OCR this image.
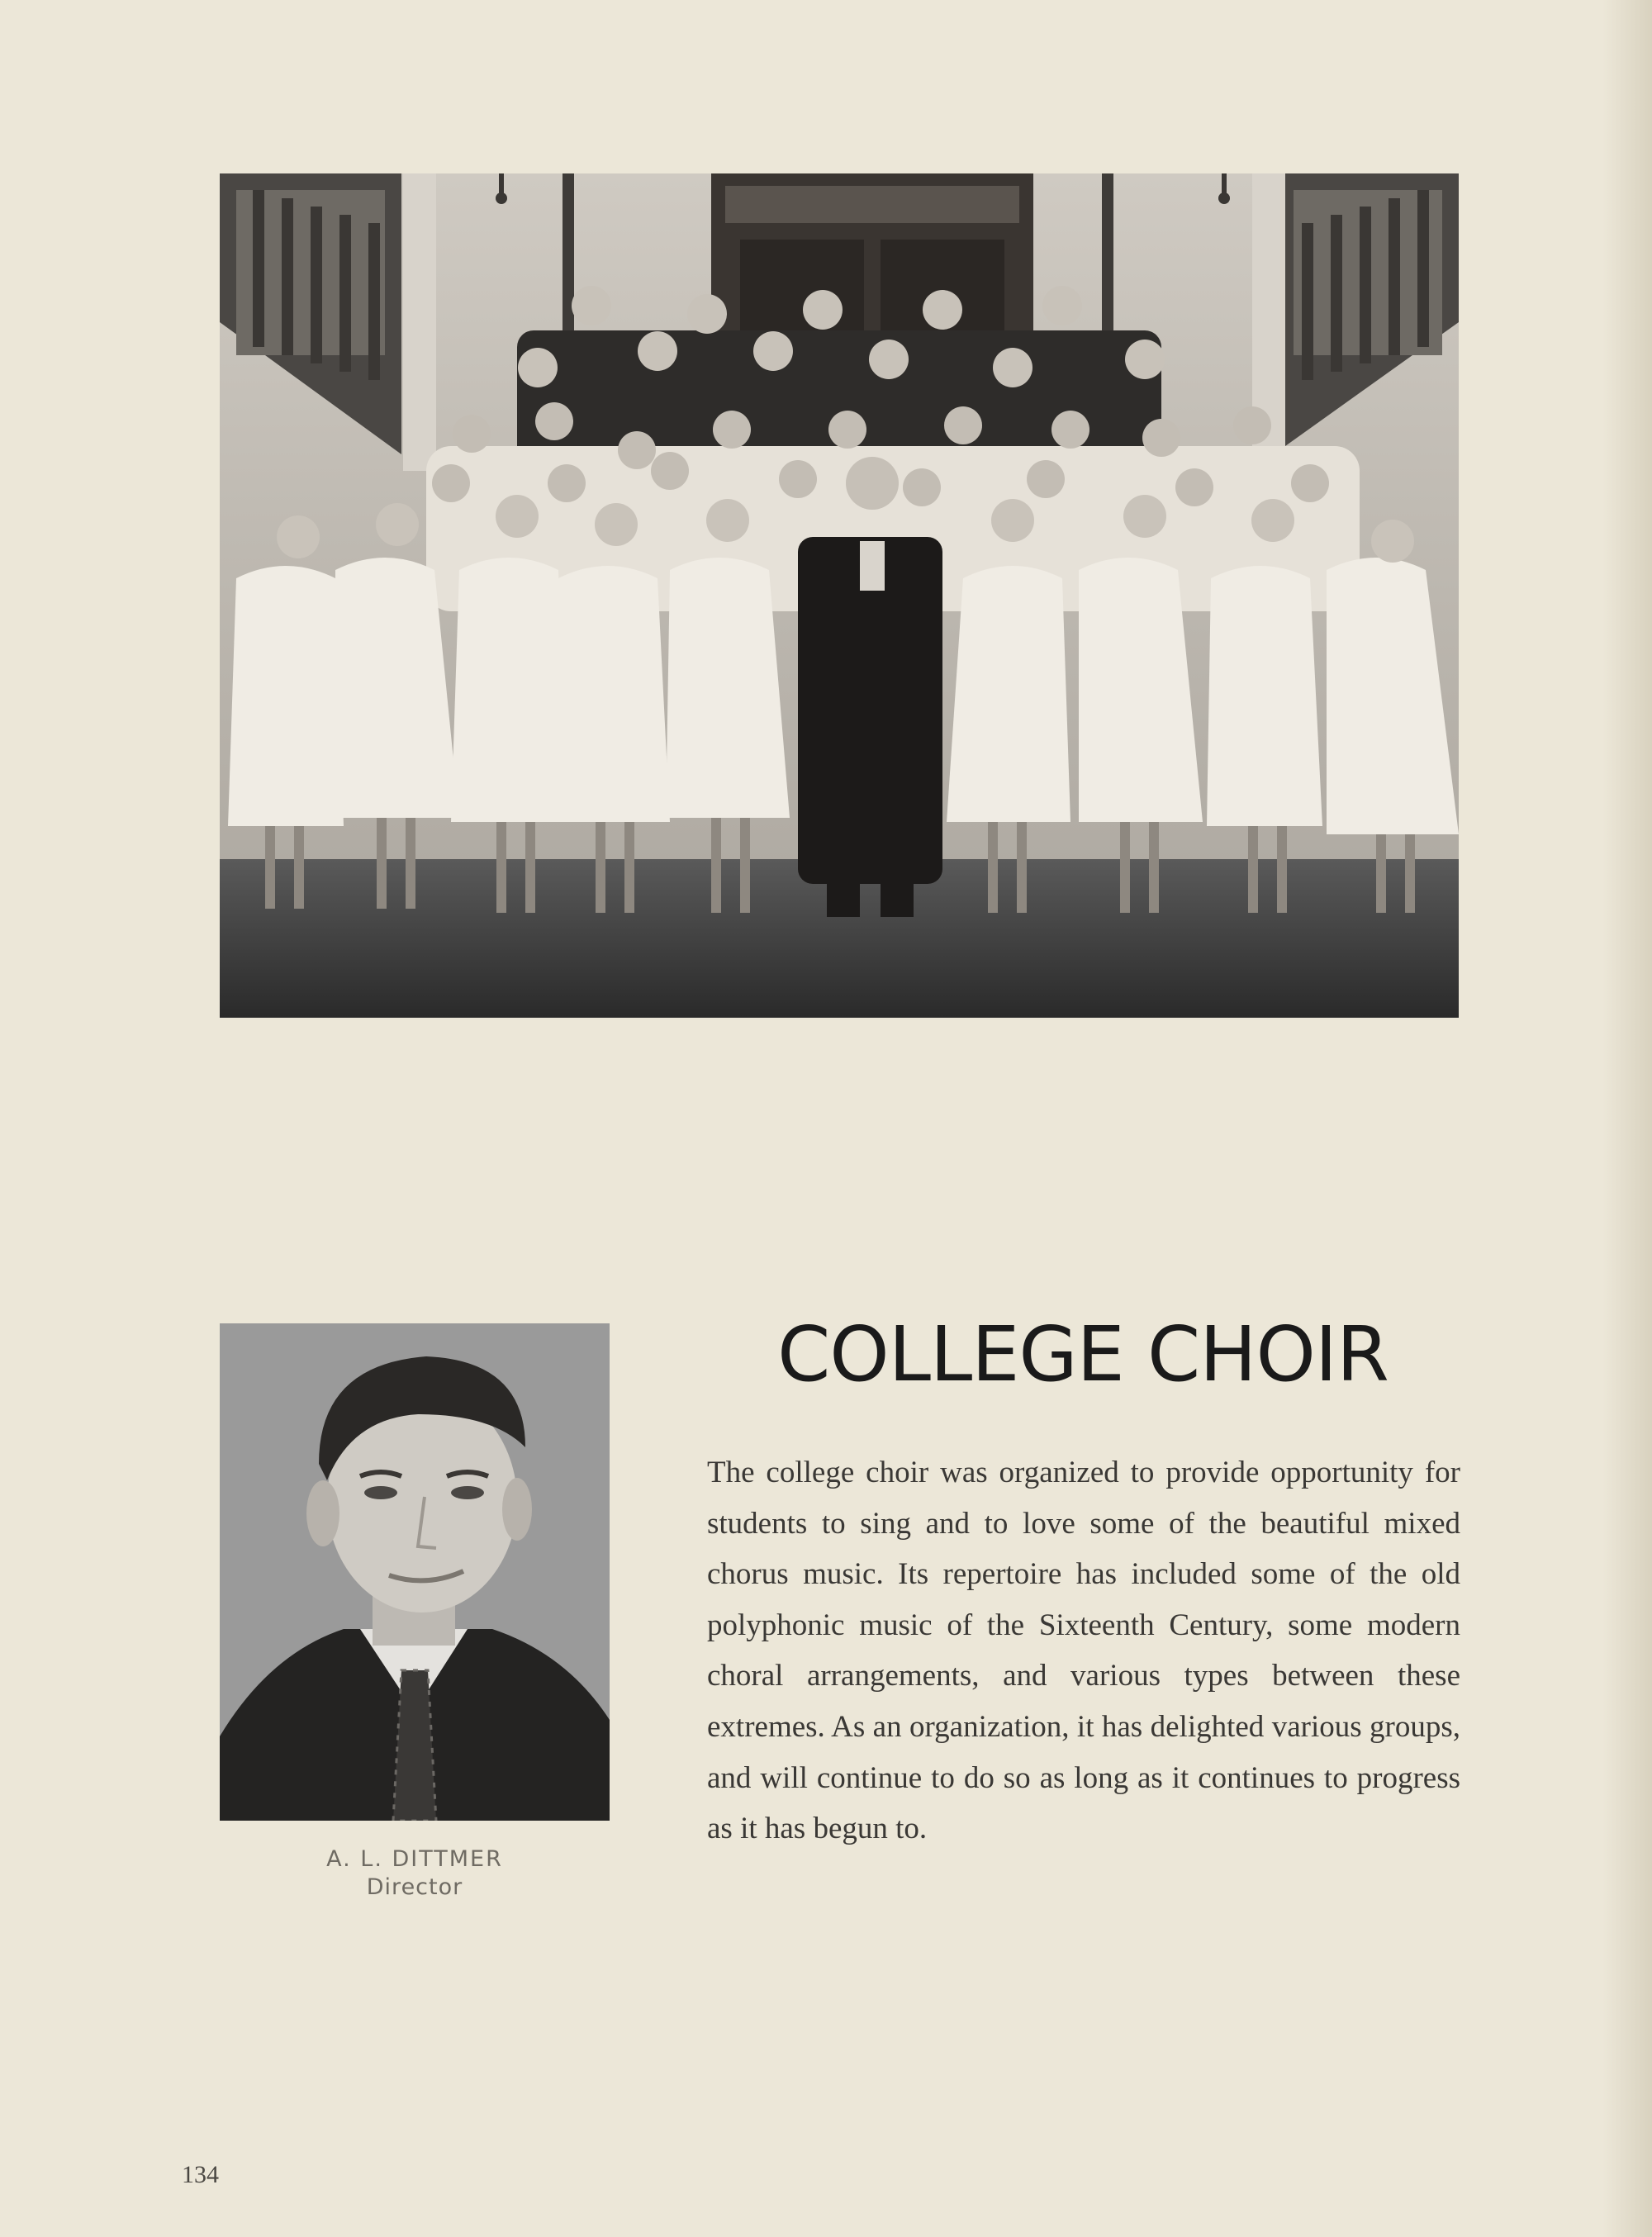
A. L. DITTMER
Director
COLLEGE CHOIR

The college choir was organized to provide opportunity for students to sing and to love some of the beautiful mixed chorus music. Its repertoire has included some of the old polyphonic music of the Sixteenth Century, some modern choral arrangements, and various types between these extremes. As an organization, it has delighted various groups, and will continue to do so as long as it continues to progress as it has begun to.

134
